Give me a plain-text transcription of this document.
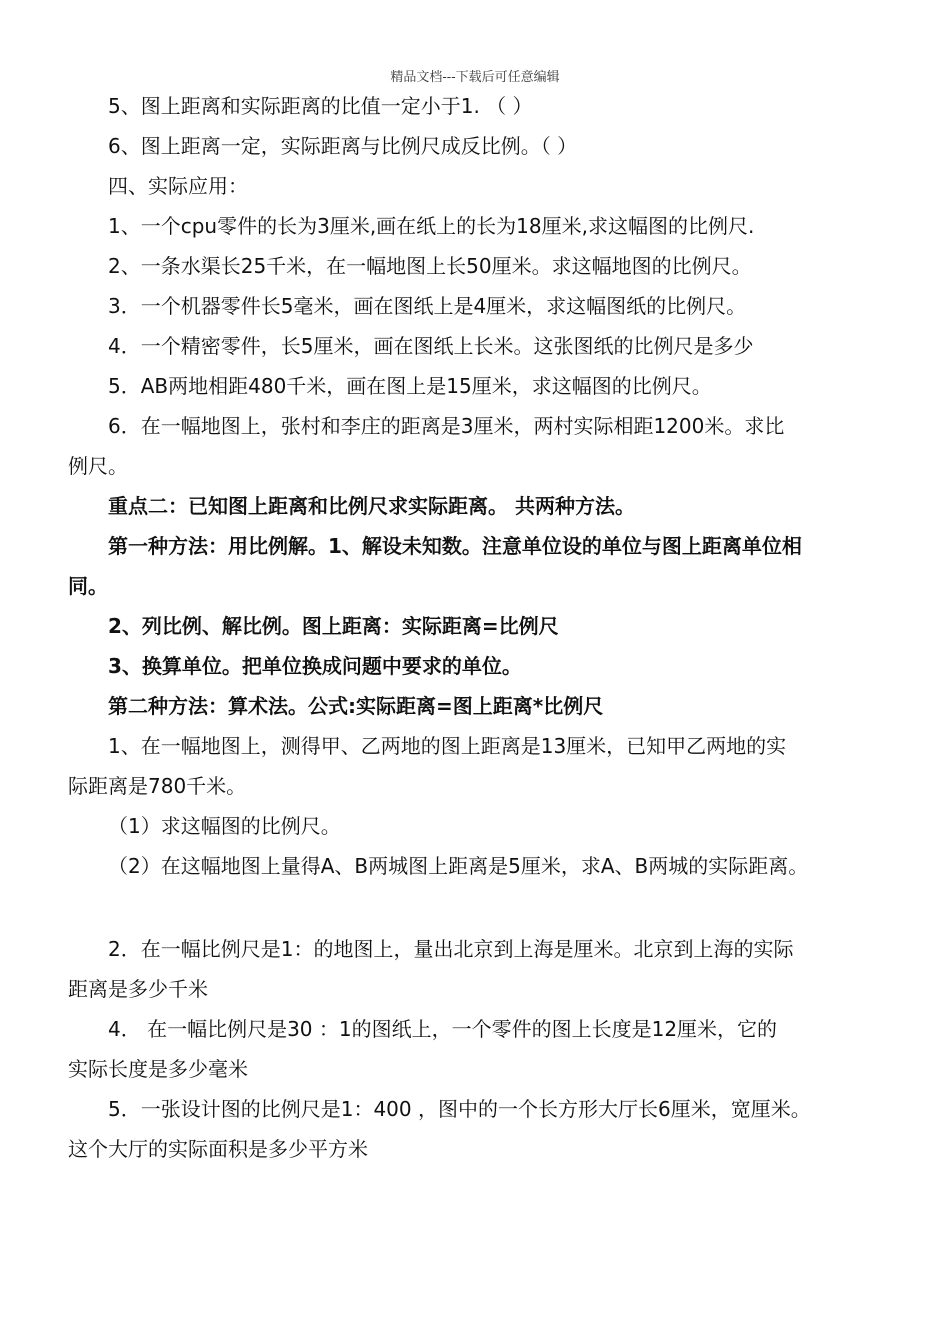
精品文档---下载后可任意编辑
5、图上距离和实际距离的比值一定小于1. （ ）
6、图上距离一定，实际距离与比例尺成反比例。（ ）
四、实际应用：
1、一个cpu零件的长为3厘米,画在纸上的长为18厘米,求这幅图的比例尺.
2、一条水渠长25千米，在一幅地图上长50厘米。求这幅地图的比例尺。
3．一个机器零件长5毫米，画在图纸上是4厘米，求这幅图纸的比例尺。
4．一个精密零件，长5厘米，画在图纸上长米。这张图纸的比例尺是多少
5．AB两地相距480千米，画在图上是15厘米，求这幅图的比例尺。
6．在一幅地图上，张村和李庄的距离是3厘米，两村实际相距1200米。求比
例尺。
重点二：已知图上距离和比例尺求实际距离。 共两种方法。
第一种方法：用比例解。1、解设未知数。注意单位设的单位与图上距离单位相
同。
2、列比例、解比例。图上距离：实际距离=比例尺
3、换算单位。把单位换成问题中要求的单位。
第二种方法：算术法。公式:实际距离=图上距离*比例尺
1、在一幅地图上，测得甲、乙两地的图上距离是13厘米，已知甲乙两地的实
际距离是780千米。
（1）求这幅图的比例尺。
（2）在这幅地图上量得A、B两城图上距离是5厘米，求A、B两城的实际距离。
2．在一幅比例尺是1：的地图上，量出北京到上海是厘米。北京到上海的实际
距离是多少千米
4． 在一幅比例尺是30 ：1的图纸上，一个零件的图上长度是12厘米，它的
实际长度是多少毫米
5．一张设计图的比例尺是1：400 ，图中的一个长方形大厅长6厘米，宽厘米。
这个大厅的实际面积是多少平方米
